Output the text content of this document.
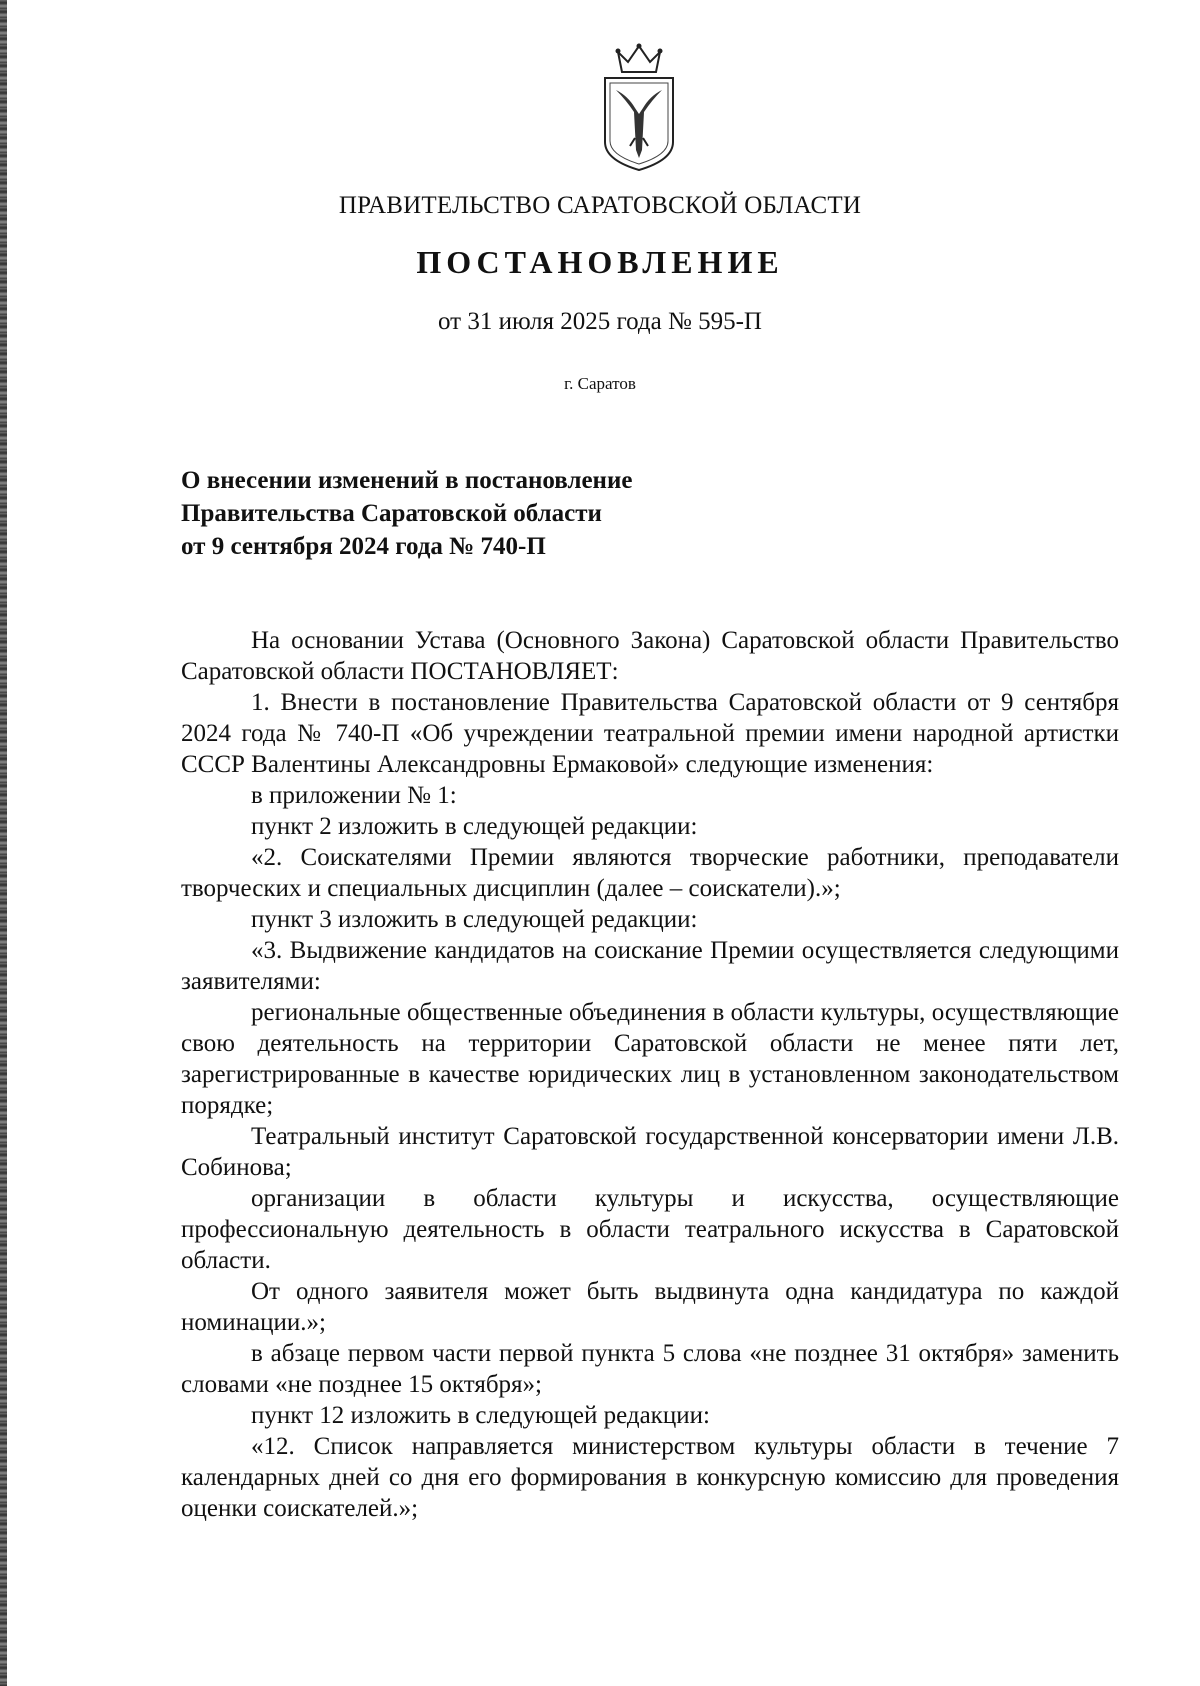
ПРАВИТЕЛЬСТВО САРАТОВСКОЙ ОБЛАСТИ
ПОСТАНОВЛЕНИЕ
от 31 июля 2025 года № 595-П
г. Саратов
О внесении изменений в постановление
Правительства Саратовской области
от 9 сентября 2024 года № 740-П

На основании Устава (Основного Закона) Саратовской области Правительство Саратовской области ПОСТАНОВЛЯЕТ:

1. Внести в постановление Правительства Саратовской области от 9 сентября 2024 года № 740-П «Об учреждении театральной премии имени народной артистки СССР Валентины Александровны Ермаковой» следующие изменения:

в приложении № 1:

пункт 2 изложить в следующей редакции:

«2. Соискателями Премии являются творческие работники, преподаватели творческих и специальных дисциплин (далее – соискатели).»;

пункт 3 изложить в следующей редакции:

«3. Выдвижение кандидатов на соискание Премии осуществляется следующими заявителями:

региональные общественные объединения в области культуры, осуществляющие свою деятельность на территории Саратовской области не менее пяти лет, зарегистрированные в качестве юридических лиц в установленном законодательством порядке;

Театральный институт Саратовской государственной консерватории имени Л.В. Собинова;

организации в области культуры и искусства, осуществляющие профессиональную деятельность в области театрального искусства в Саратовской области.

От одного заявителя может быть выдвинута одна кандидатура по каждой номинации.»;

в абзаце первом части первой пункта 5 слова «не позднее 31 октября» заменить словами «не позднее 15 октября»;

пункт 12 изложить в следующей редакции:

«12. Список направляется министерством культуры области в течение 7 календарных дней со дня его формирования в конкурсную комиссию для проведения оценки соискателей.»;
